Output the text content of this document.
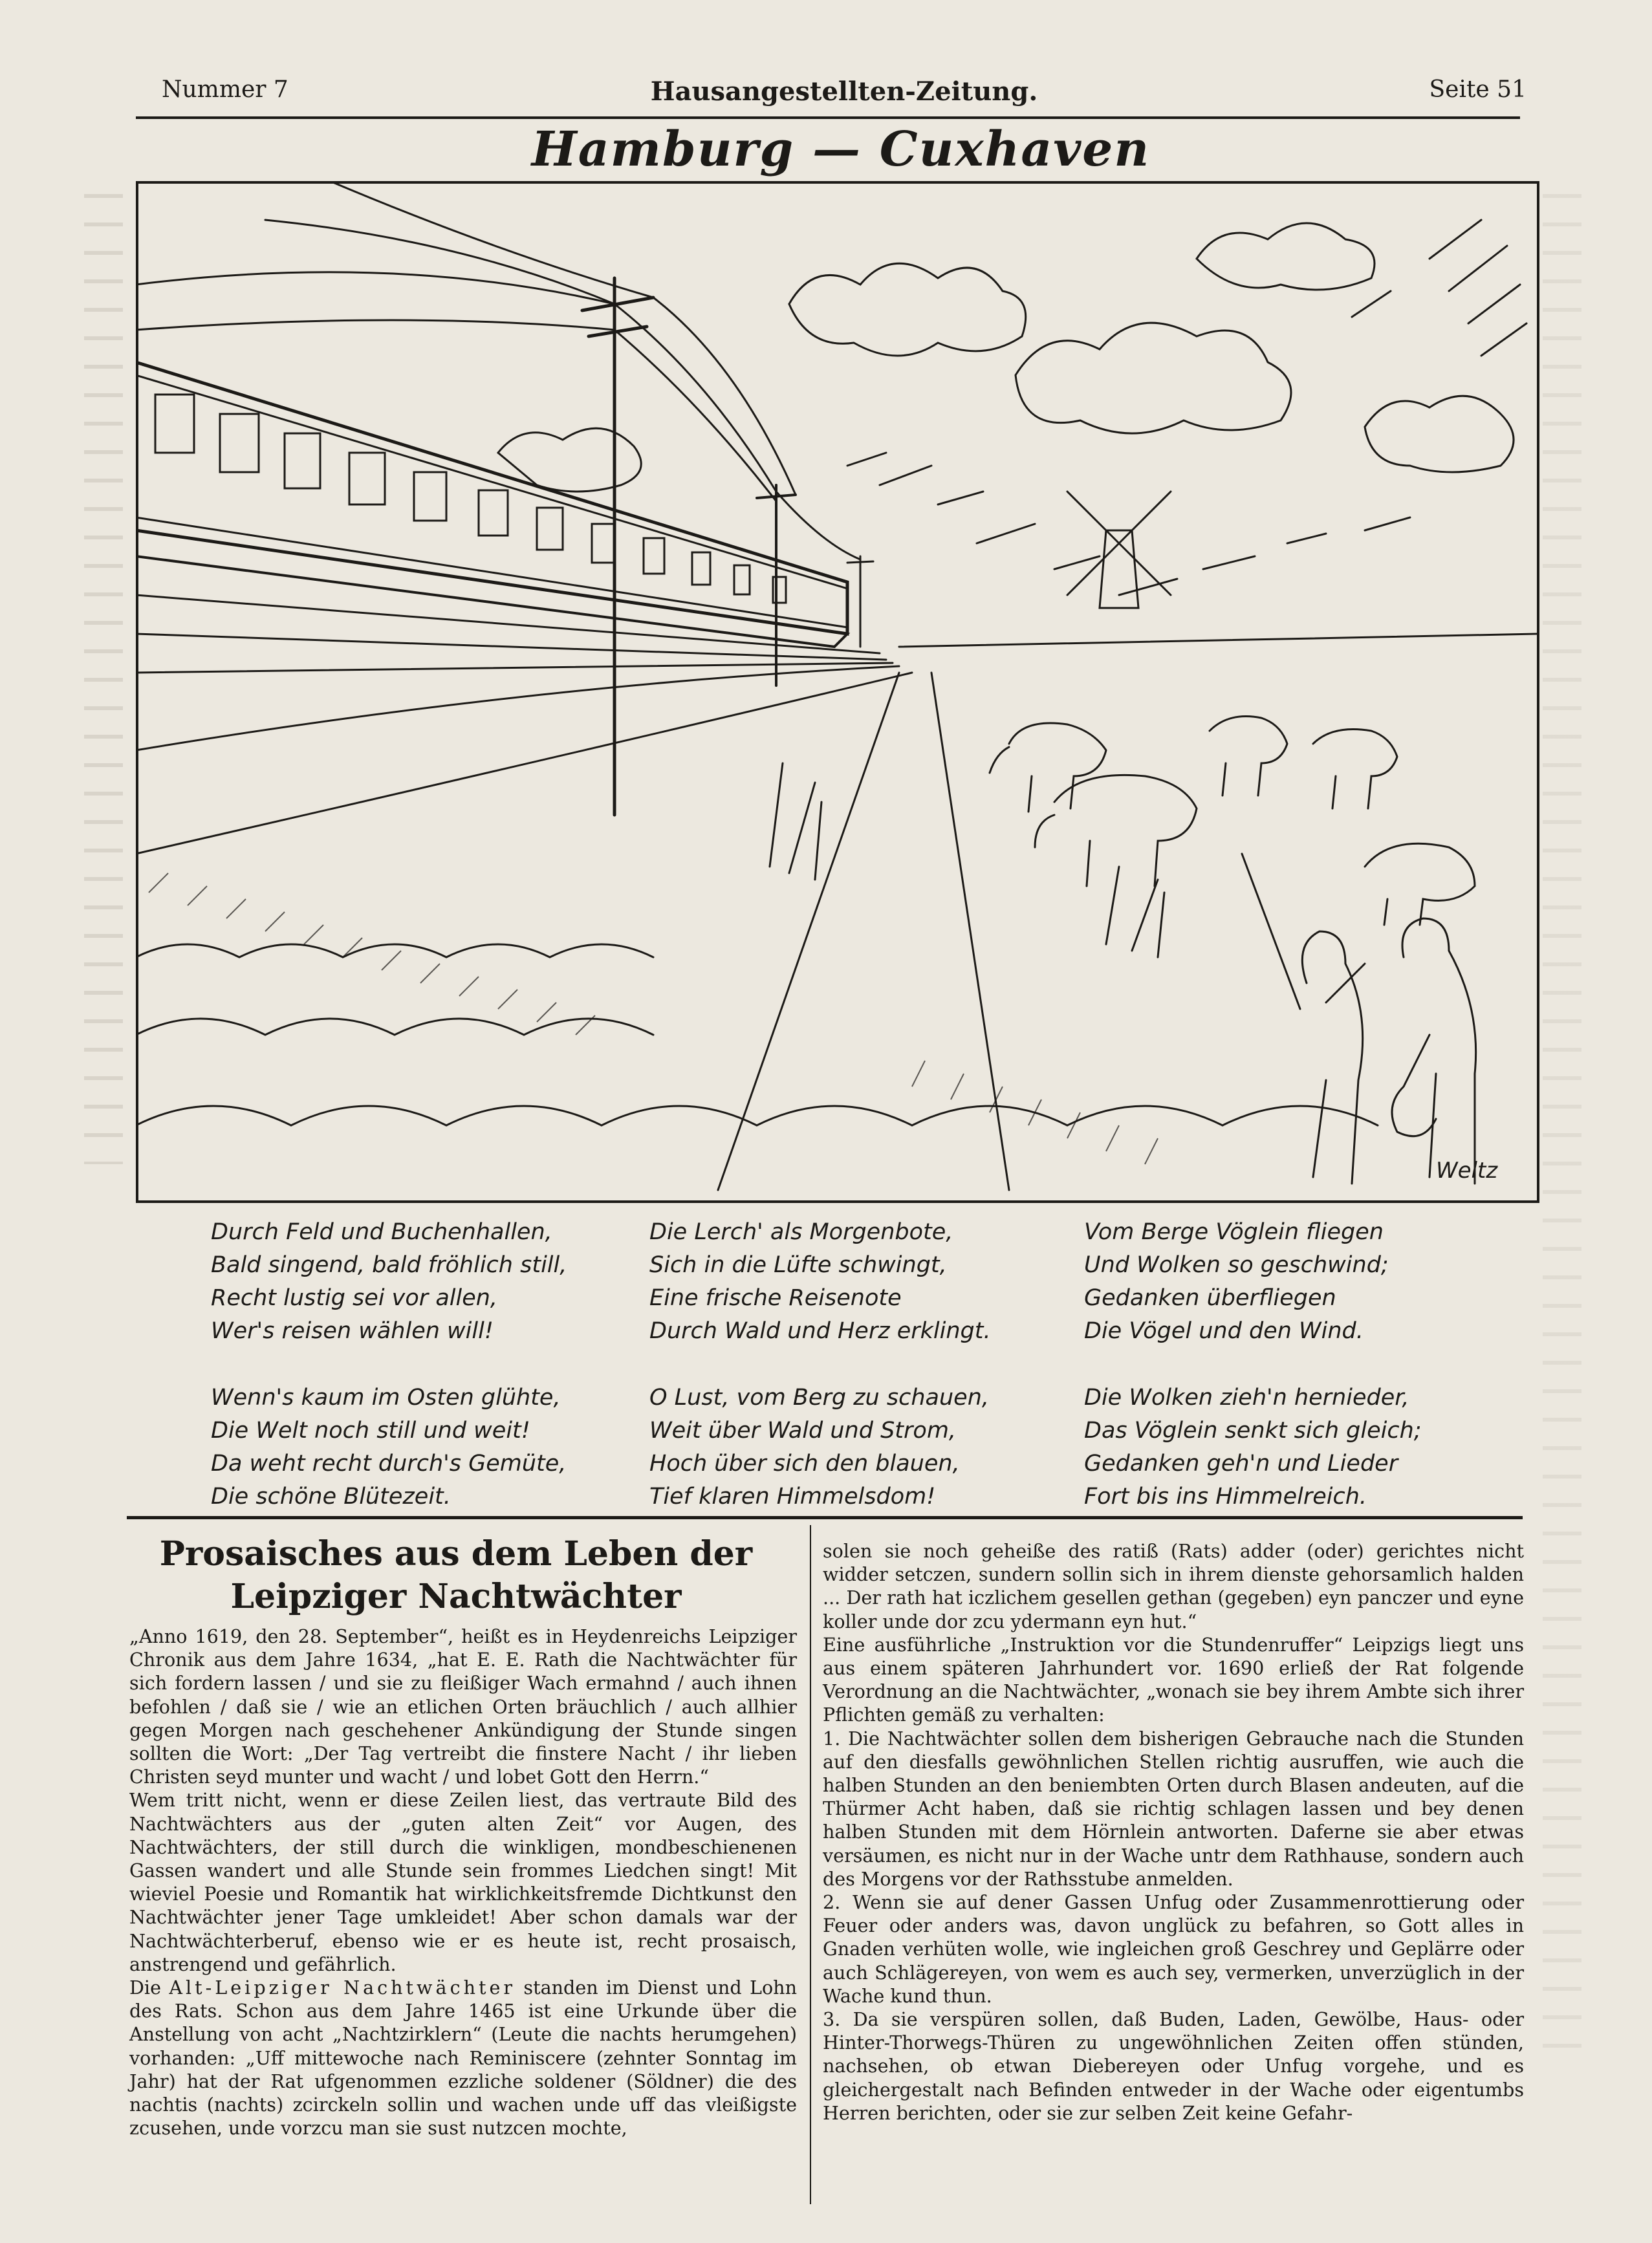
Nummer 7	Hausangestellten-Zeitung.	Seite 51
Hamburg — Cuxhaven
Weltz
Durch Feld und Buchenhallen,
Bald singend, bald fröhlich still,
Recht lustig sei vor allen,
Wer's reisen wählen will!
Wenn's kaum im Osten glühte,
Die Welt noch still und weit!
Da weht recht durch's Gemüte,
Die schöne Blütezeit.
Die Lerch' als Morgenbote,
Sich in die Lüfte schwingt,
Eine frische Reisenote
Durch Wald und Herz erklingt.
O Lust, vom Berg zu schauen,
Weit über Wald und Strom,
Hoch über sich den blauen,
Tief klaren Himmelsdom!
Vom Berge Vöglein fliegen
Und Wolken so geschwind;
Gedanken überfliegen
Die Vögel und den Wind.
Die Wolken zieh'n hernieder,
Das Vöglein senkt sich gleich;
Gedanken geh'n und Lieder
Fort bis ins Himmelreich.
Prosaisches aus dem Leben der
Leipziger Nachtwächter

„Anno 1619, den 28. September“, heißt es in Heydenreichs Leipziger Chronik aus dem Jahre 1634, „hat E. E. Rath die Nachtwächter für sich fordern lassen / und sie zu fleißiger Wach ermahnd / auch ihnen befohlen / daß sie / wie an etlichen Orten bräuchlich / auch allhier gegen Morgen nach geschehener Ankündigung der Stunde singen sollten die Wort: „Der Tag vertreibt die finstere Nacht / ihr lieben Christen seyd munter und wacht / und lobet Gott den Herrn.“

Wem tritt nicht, wenn er diese Zeilen liest, das vertraute Bild des Nachtwächters aus der „guten alten Zeit“ vor Augen, des Nachtwächters, der still durch die winkligen, mondbeschienenen Gassen wandert und alle Stunde sein frommes Liedchen singt! Mit wieviel Poesie und Romantik hat wirklichkeitsfremde Dichtkunst den Nachtwächter jener Tage umkleidet! Aber schon damals war der Nachtwächterberuf, ebenso wie er es heute ist, recht prosaisch, anstrengend und gefährlich.

Die Alt-Leipziger Nachtwächter standen im Dienst und Lohn des Rats. Schon aus dem Jahre 1465 ist eine Urkunde über die Anstellung von acht „Nachtzirklern“ (Leute die nachts herumgehen) vorhanden: „Uff mittewoche nach Reminiscere (zehnter Sonntag im Jahr) hat der Rat ufgenommen ezzliche soldener (Söldner) die des nachtis (nachts) zcirckeln sollin und wachen unde uff das vleißigste zcusehen, unde vorzcu man sie sust nutzcen mochte,

solen sie noch geheiße des ratiß (Rats) adder (oder) gerichtes nicht widder setczen, sundern sollin sich in ihrem dienste gehorsamlich halden ... Der rath hat iczlichem gesellen gethan (gegeben) eyn panczer und eyne koller unde dor zcu ydermann eyn hut.“

Eine ausführliche „Instruktion vor die Stundenruffer“ Leipzigs liegt uns aus einem späteren Jahrhundert vor. 1690 erließ der Rat folgende Verordnung an die Nachtwächter, „wonach sie bey ihrem Ambte sich ihrer Pflichten gemäß zu verhalten:

1. Die Nachtwächter sollen dem bisherigen Gebrauche nach die Stunden auf den diesfalls gewöhnlichen Stellen richtig ausruffen, wie auch die halben Stunden an den beniembten Orten durch Blasen andeuten, auf die Thürmer Acht haben, daß sie richtig schlagen lassen und bey denen halben Stunden mit dem Hörnlein antworten. Daferne sie aber etwas versäumen, es nicht nur in der Wache untr dem Rathhause, sondern auch des Morgens vor der Rathsstube anmelden.

2. Wenn sie auf dener Gassen Unfug oder Zusammenrottierung oder Feuer oder anders was, davon unglück zu befahren, so Gott alles in Gnaden verhüten wolle, wie ingleichen groß Geschrey und Geplärre oder auch Schlägereyen, von wem es auch sey, vermerken, unverzüglich in der Wache kund thun.

3. Da sie verspüren sollen, daß Buden, Laden, Gewölbe, Haus- oder Hinter-Thorwegs-Thüren zu ungewöhnlichen Zeiten offen stünden, nachsehen, ob etwan Diebereyen oder Unfug vorgehe, und es gleichergestalt nach Befinden entweder in der Wache oder eigentumbs Herren berichten, oder sie zur selben Zeit keine Gefahr-
